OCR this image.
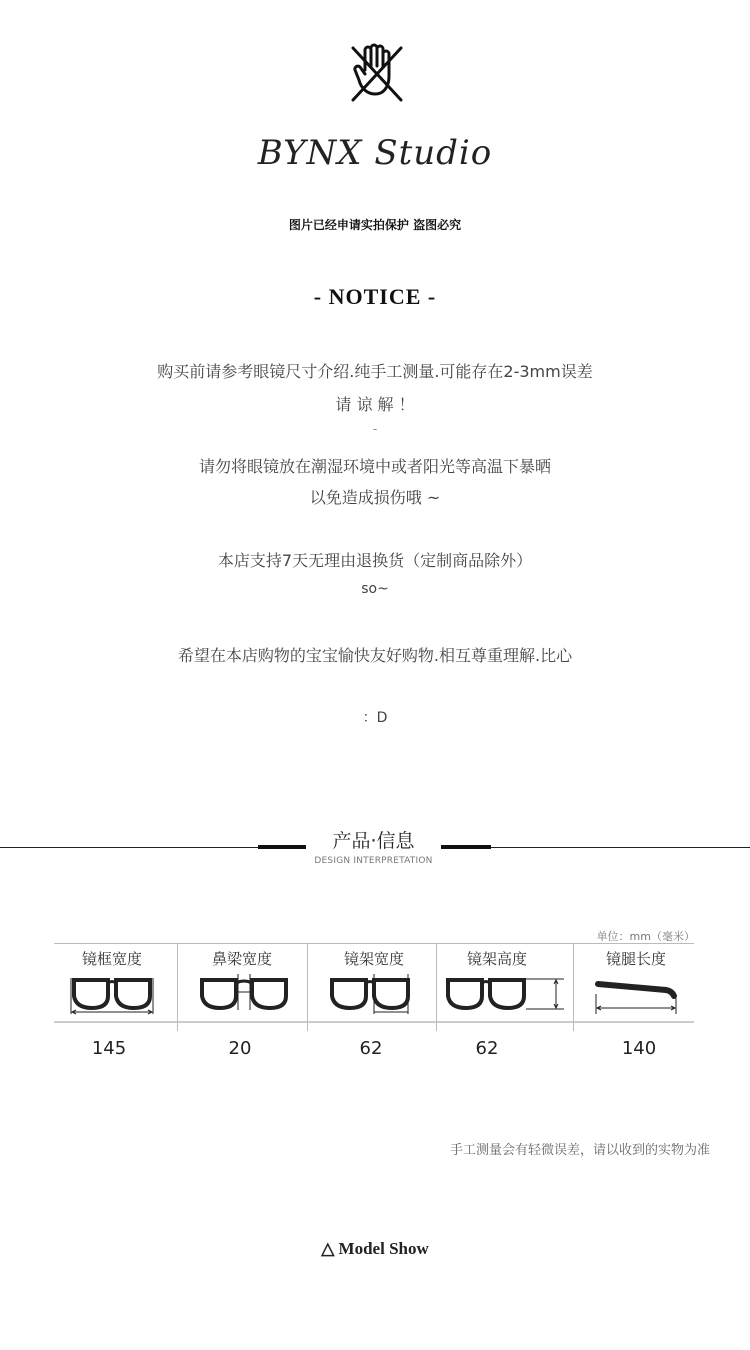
BYNX Studio
图片已经申请实拍保护 盗图必究
- NOTICE -
购买前请参考眼镜尺寸介绍.纯手工测量.可能存在2-3mm误差
请 谅 解 ！
-
请勿将眼镜放在潮湿环境中或者阳光等高温下暴晒
以免造成损伤哦 ~
本店支持7天无理由退换货（定制商品除外）
so~
希望在本店购物的宝宝愉快友好购物.相互尊重理解.比心
：D
产品·信息
DESIGN INTERPRETATION
单位：mm（毫米）
镜框宽度
145
鼻梁宽度
20
镜架宽度
62
镜架高度
62
镜腿长度
140
手工测量会有轻微误差，请以收到的实物为准
△ Model Show
